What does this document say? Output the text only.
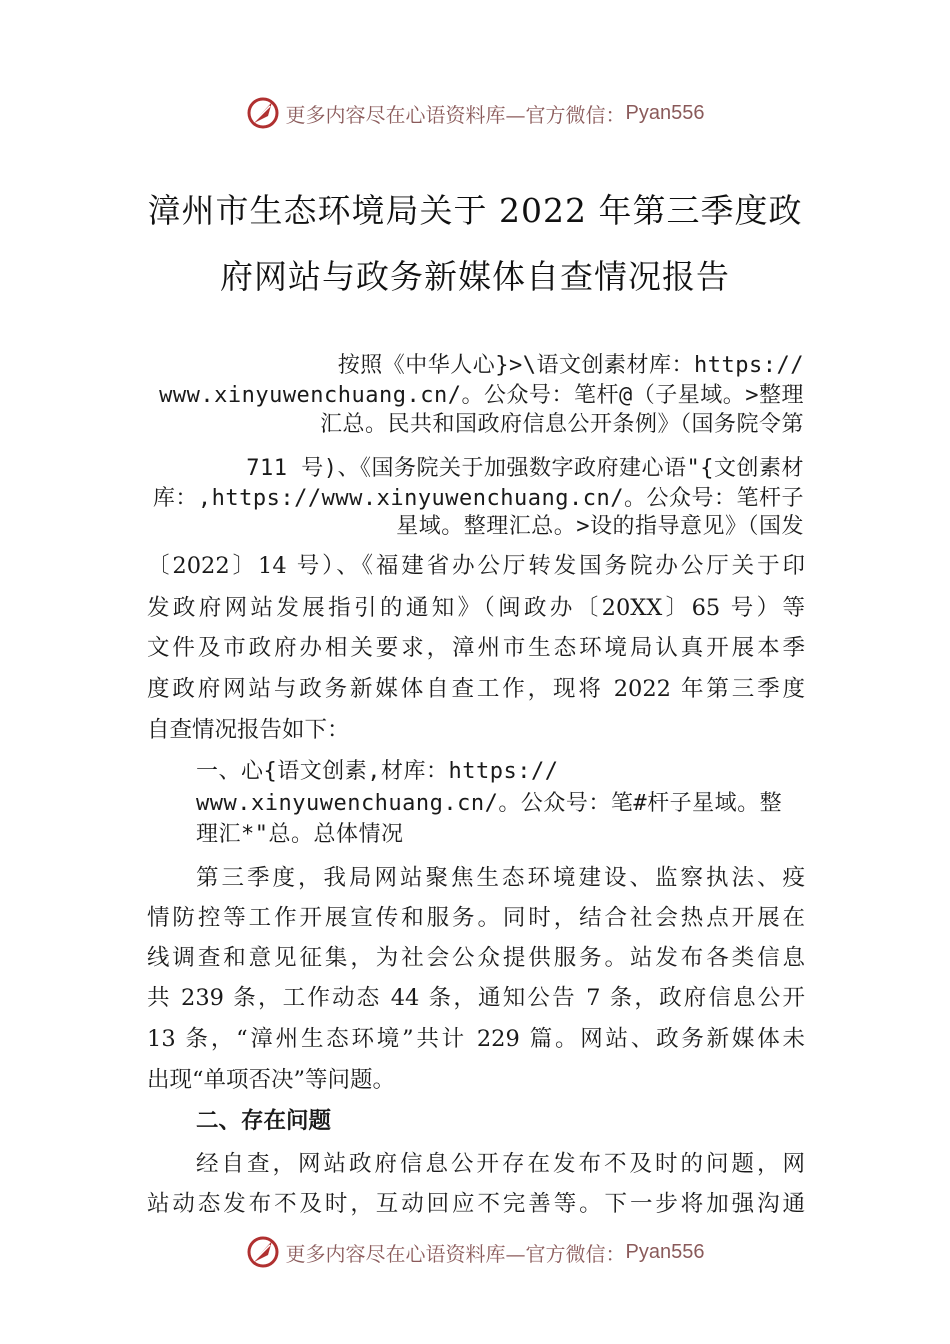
更多内容尽在心语资料库—官方微信： Pyan556
漳州市生态环境局关于 2022 年第三季度政
府网站与政务新媒体自查情况报告
按照《中华人心}>\语文创素材库：https://
www.xinyuwenchuang.cn/。公众号：笔杆@（子星域。>整理
汇总。民共和国政府信息公开条例》（国务院令第
711 号)、《国务院关于加强数字政府建心语"{文创素材
库：,https://www.xinyuwenchuang.cn/。公众号：笔杆子
星域。整理汇总。>设的指导意见》（国发
〔2022〕14 号）、《福建省办公厅转发国务院办公厅关于印
发政府网站发展指引的通知》（闽政办〔20XX〕65 号）等
文件及市政府办相关要求，漳州市生态环境局认真开展本季
度政府网站与政务新媒体自查工作，现将 2022 年第三季度
自查情况报告如下：
一、心{语文创素,材库：https://
www.xinyuwenchuang.cn/。公众号：笔#杆子星域。整
理汇*"总。总体情况
第三季度，我局网站聚焦生态环境建设、监察执法、疫
情防控等工作开展宣传和服务。同时，结合社会热点开展在
线调查和意见征集，为社会公众提供服务。站发布各类信息
共 239 条，工作动态 44 条，通知公告 7 条，政府信息公开
13 条，“漳州生态环境”共计 229 篇。网站、政务新媒体未
出现“单项否决”等问题。
二、存在问题
经自查，网站政府信息公开存在发布不及时的问题，网
站动态发布不及时，互动回应不完善等。下一步将加强沟通
更多内容尽在心语资料库—官方微信： Pyan556
